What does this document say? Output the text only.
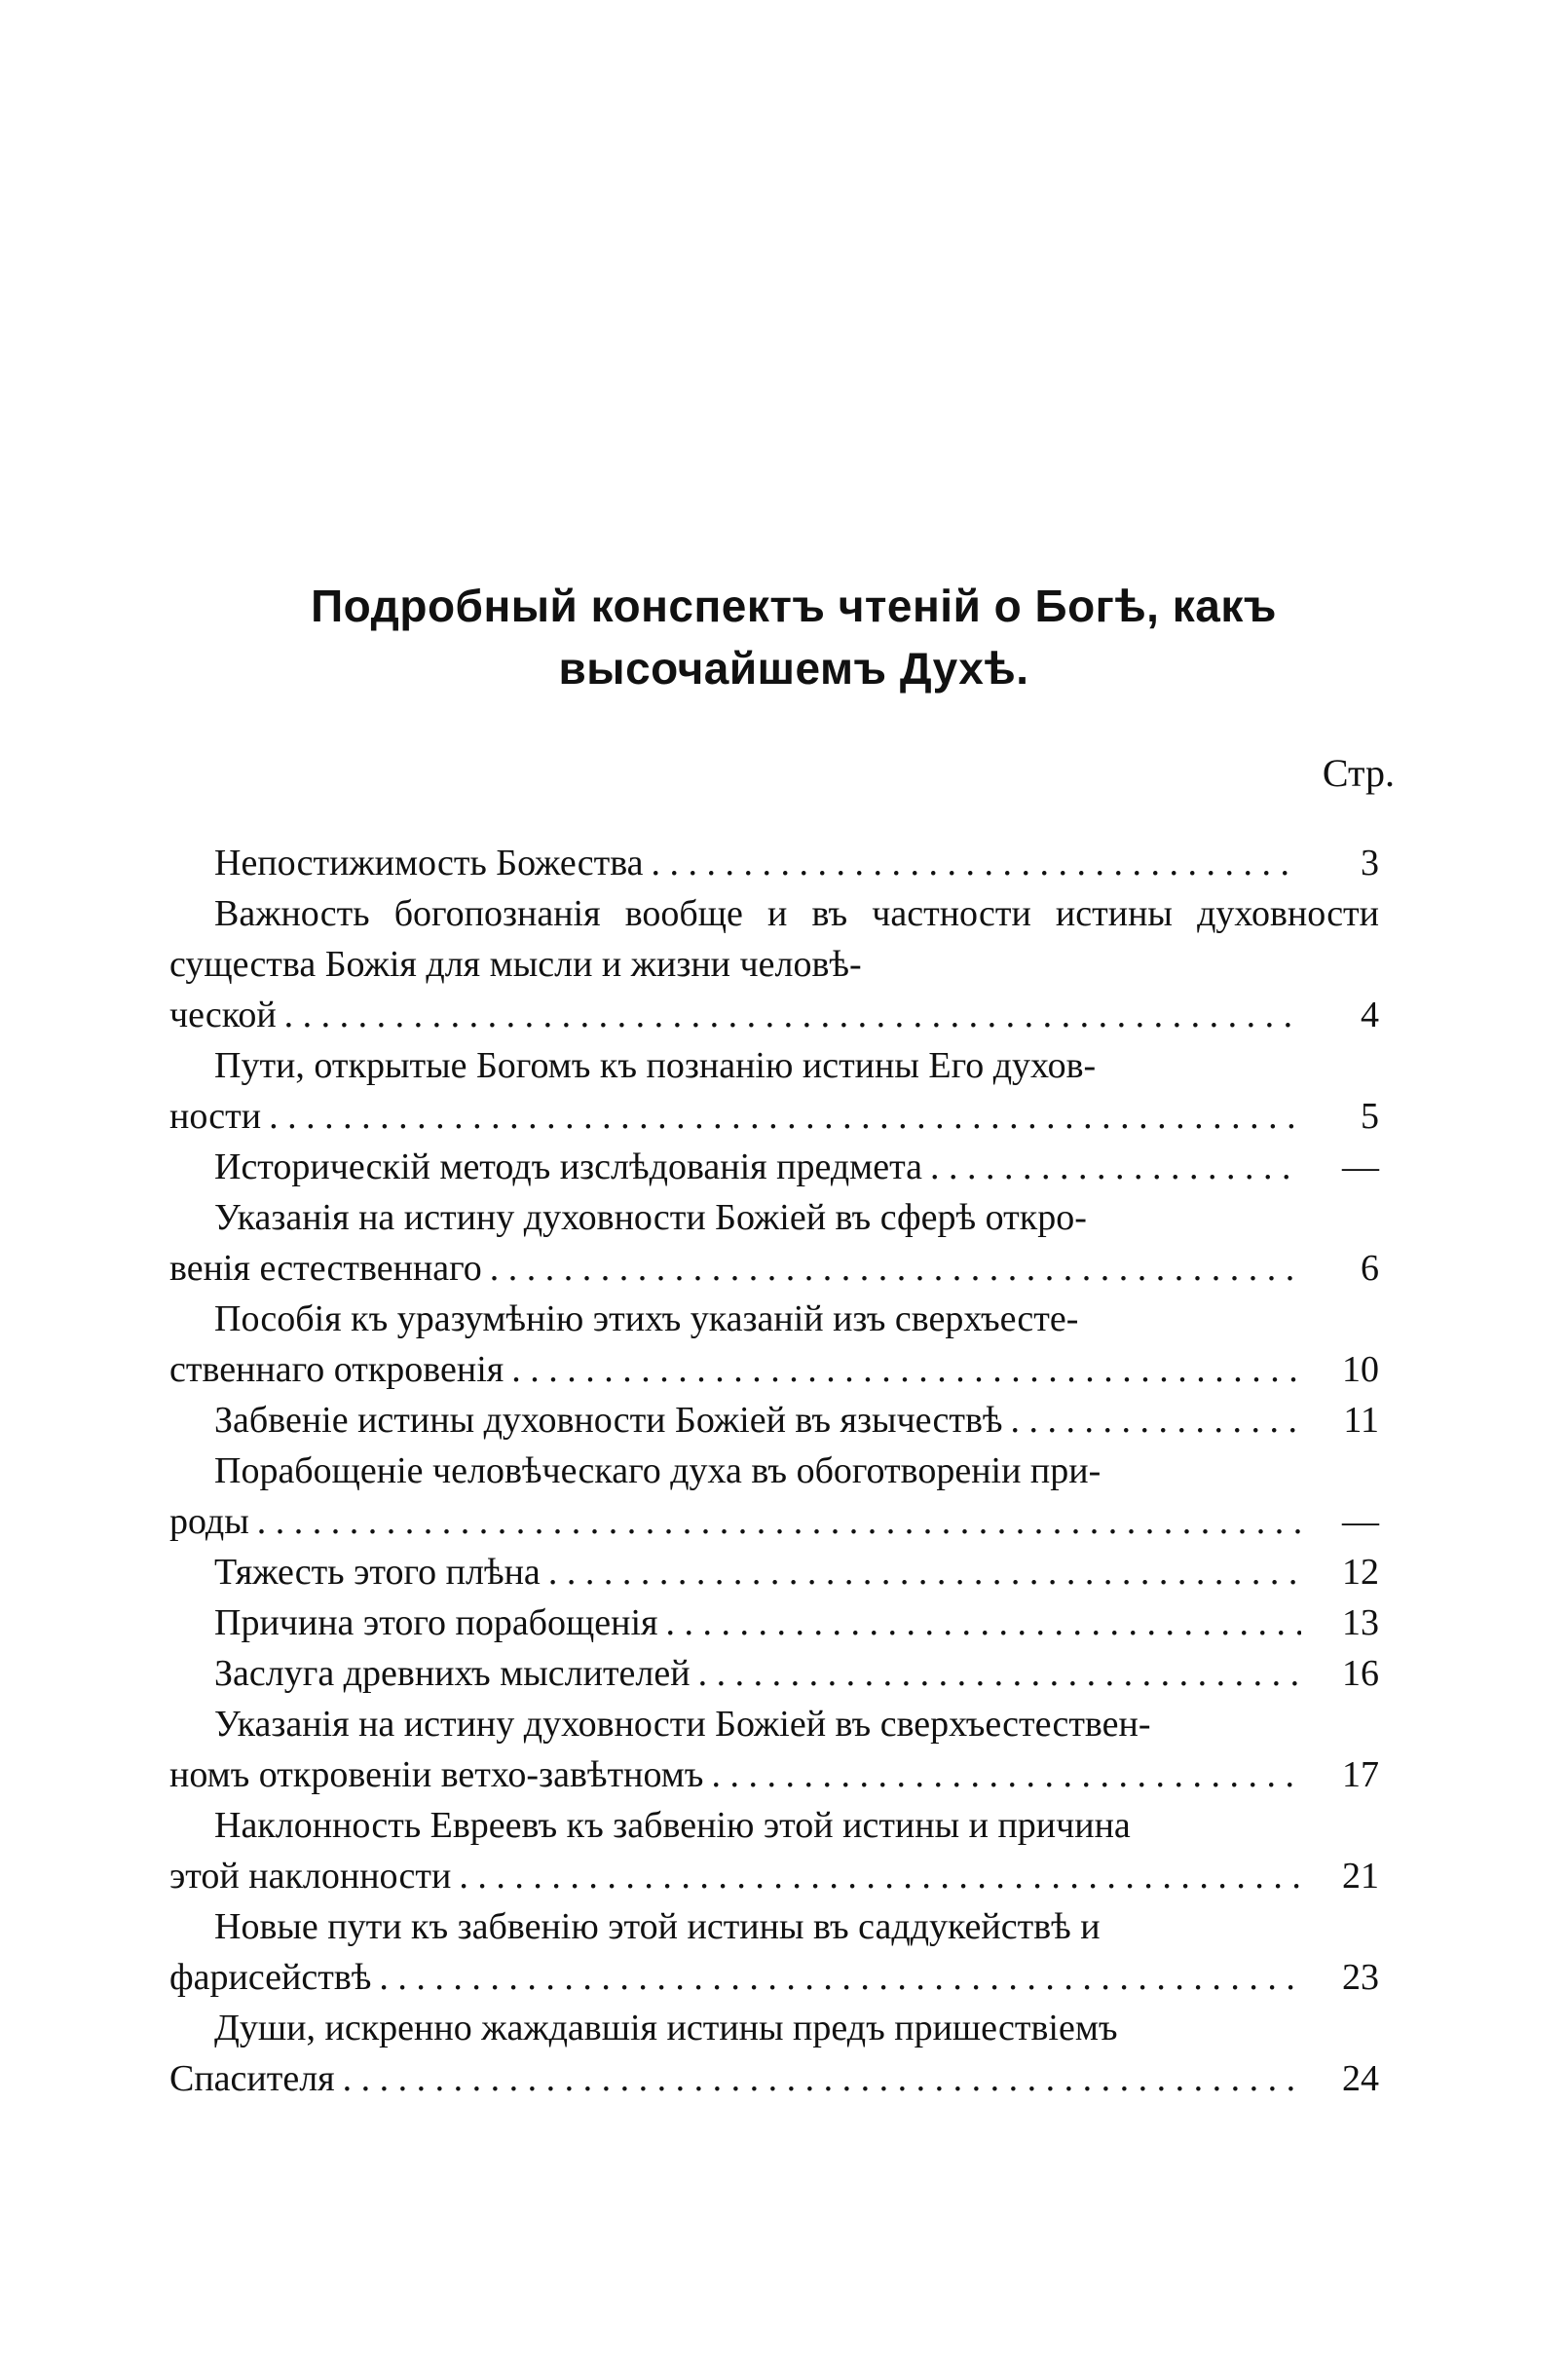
Подробный конспектъ чтеній о Богѣ, какъ высочайшемъ Духѣ.
Стр.
Непостижимость Божества . .	3
Важность богопознанія вообще и въ частности истины духовности существа Божія для мысли и жизни человѣ-
ческой . .	4
Пути, открытые Богомъ къ познанію истины Его духов-
ности . .	5
Историческій методъ изслѣдованія предмета . .	—
Указанія на истину духовности Божіей въ сферѣ откро-
венія естественнаго . .	6
Пособія къ уразумѣнію этихъ указаній изъ сверхъесте-
ственнаго откровенія . .	10
Забвеніе истины духовности Божіей въ язычествѣ . .	11
Порабощеніе человѣческаго духа въ обоготвореніи при-
роды . .	—
Тяжесть этого плѣна . .	12
Причина этого порабощенія . .	13
Заслуга древнихъ мыслителей . .	16
Указанія на истину духовности Божіей въ сверхъестествен-
номъ откровеніи ветхо-завѣтномъ . .	17
Наклонность Евреевъ къ забвенію этой истины и причина
этой наклонности . .	21
Новые пути къ забвенію этой истины въ саддукействѣ и
фарисействѣ . .	23
Души, искренно жаждавшія истины предъ пришествіемъ
Спасителя . .	24
